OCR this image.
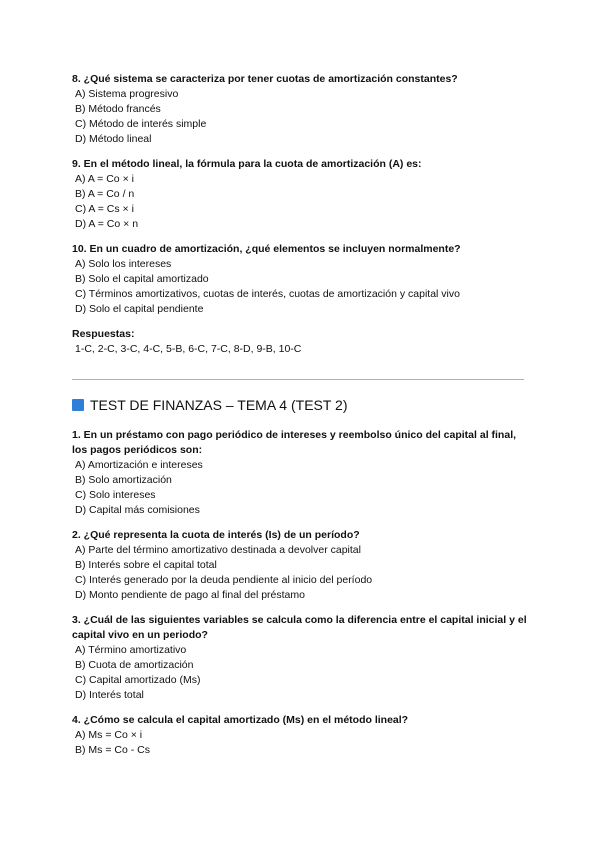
8. ¿Qué sistema se caracteriza por tener cuotas de amortización constantes?

A) Sistema progresivo
B) Método francés
C) Método de interés simple
D) Método lineal

9. En el método lineal, la fórmula para la cuota de amortización (A) es:

A) A = Co × i
B) A = Co / n
C) A = Cs × i
D) A = Co × n

10. En un cuadro de amortización, ¿qué elementos se incluyen normalmente?

A) Solo los intereses
B) Solo el capital amortizado
C) Términos amortizativos, cuotas de interés, cuotas de amortización y capital vivo
D) Solo el capital pendiente
Respuestas:
1-C, 2-C, 3-C, 4-C, 5-B, 6-C, 7-C, 8-D, 9-B, 10-C
TEST DE FINANZAS – TEMA 4 (TEST 2)

1. En un préstamo con pago periódico de intereses y reembolso único del capital al final, los pagos periódicos son:

A) Amortización e intereses
B) Solo amortización
C) Solo intereses
D) Capital más comisiones

2. ¿Qué representa la cuota de interés (Is) de un período?

A) Parte del término amortizativo destinada a devolver capital
B) Interés sobre el capital total
C) Interés generado por la deuda pendiente al inicio del período
D) Monto pendiente de pago al final del préstamo

3. ¿Cuál de las siguientes variables se calcula como la diferencia entre el capital inicial y el capital vivo en un periodo?

A) Término amortizativo
B) Cuota de amortización
C) Capital amortizado (Ms)
D) Interés total

4. ¿Cómo se calcula el capital amortizado (Ms) en el método lineal?

A) Ms = Co × i
B) Ms = Co - Cs
